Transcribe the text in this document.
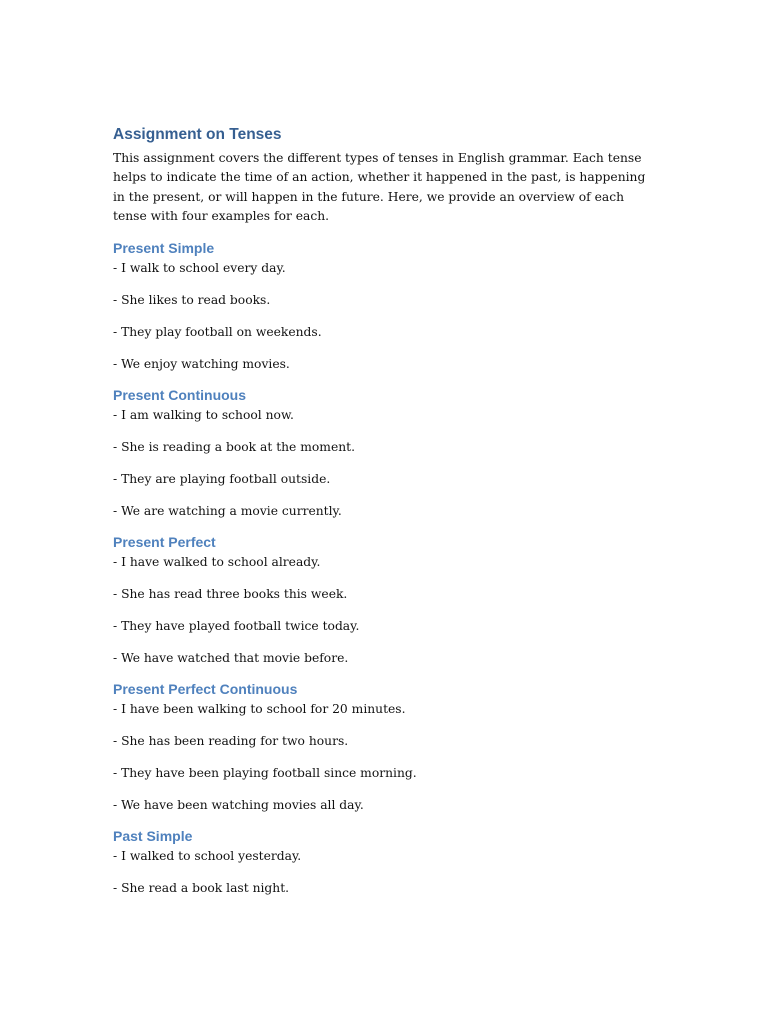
Assignment on Tenses

This assignment covers the different types of tenses in English grammar. Each tense helps to indicate the time of an action, whether it happened in the past, is happening in the present, or will happen in the future. Here, we provide an overview of each tense with four examples for each.

Present Simple

- I walk to school every day.

- She likes to read books.

- They play football on weekends.

- We enjoy watching movies.

Present Continuous

- I am walking to school now.

- She is reading a book at the moment.

- They are playing football outside.

- We are watching a movie currently.

Present Perfect

- I have walked to school already.

- She has read three books this week.

- They have played football twice today.

- We have watched that movie before.

Present Perfect Continuous

- I have been walking to school for 20 minutes.

- She has been reading for two hours.

- They have been playing football since morning.

- We have been watching movies all day.

Past Simple

- I walked to school yesterday.

- She read a book last night.
